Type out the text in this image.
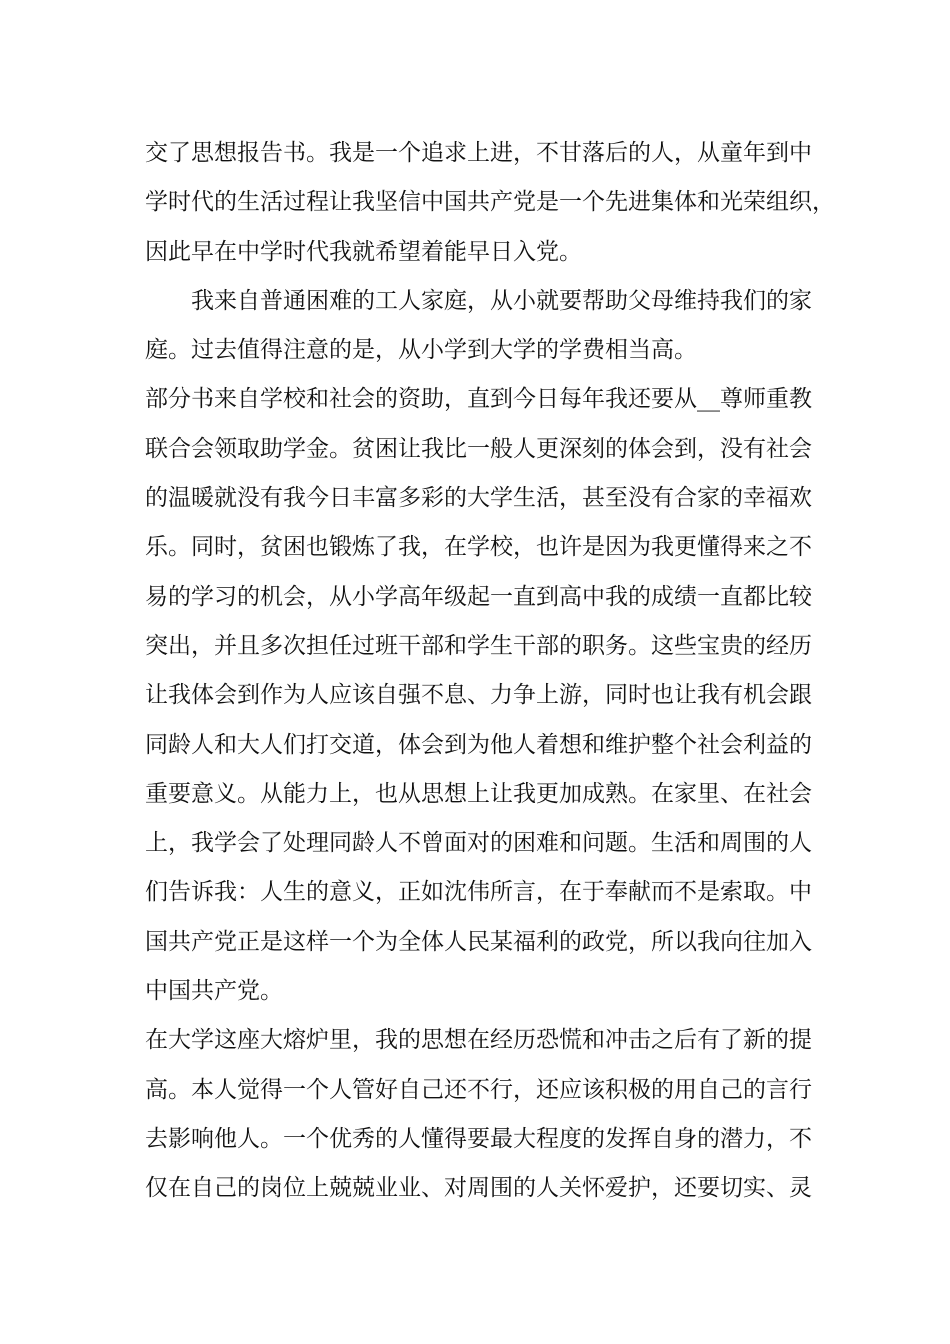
交了思想报告书。我是一个追求上进，不甘落后的人，从童年到中
学时代的生活过程让我坚信中国共产党是一个先进集体和光荣组织，
因此早在中学时代我就希望着能早日入党。
我来自普通困难的工人家庭，从小就要帮助父母维持我们的家
庭。过去值得注意的是，从小学到大学的学费相当高。
部分书来自学校和社会的资助，直到今日每年我还要从__尊师重教
联合会领取助学金。贫困让我比一般人更深刻的体会到，没有社会
的温暖就没有我今日丰富多彩的大学生活，甚至没有合家的幸福欢
乐。同时，贫困也锻炼了我，在学校，也许是因为我更懂得来之不
易的学习的机会，从小学高年级起一直到高中我的成绩一直都比较
突出，并且多次担任过班干部和学生干部的职务。这些宝贵的经历
让我体会到作为人应该自强不息、力争上游，同时也让我有机会跟
同龄人和大人们打交道，体会到为他人着想和维护整个社会利益的
重要意义。从能力上，也从思想上让我更加成熟。在家里、在社会
上，我学会了处理同龄人不曾面对的困难和问题。生活和周围的人
们告诉我：人生的意义，正如沈伟所言，在于奉献而不是索取。中
国共产党正是这样一个为全体人民某福利的政党，所以我向往加入
中国共产党。
在大学这座大熔炉里，我的思想在经历恐慌和冲击之后有了新的提
高。本人觉得一个人管好自己还不行，还应该积极的用自己的言行
去影响他人。一个优秀的人懂得要最大程度的发挥自身的潜力，不
仅在自己的岗位上兢兢业业、对周围的人关怀爱护，还要切实、灵
